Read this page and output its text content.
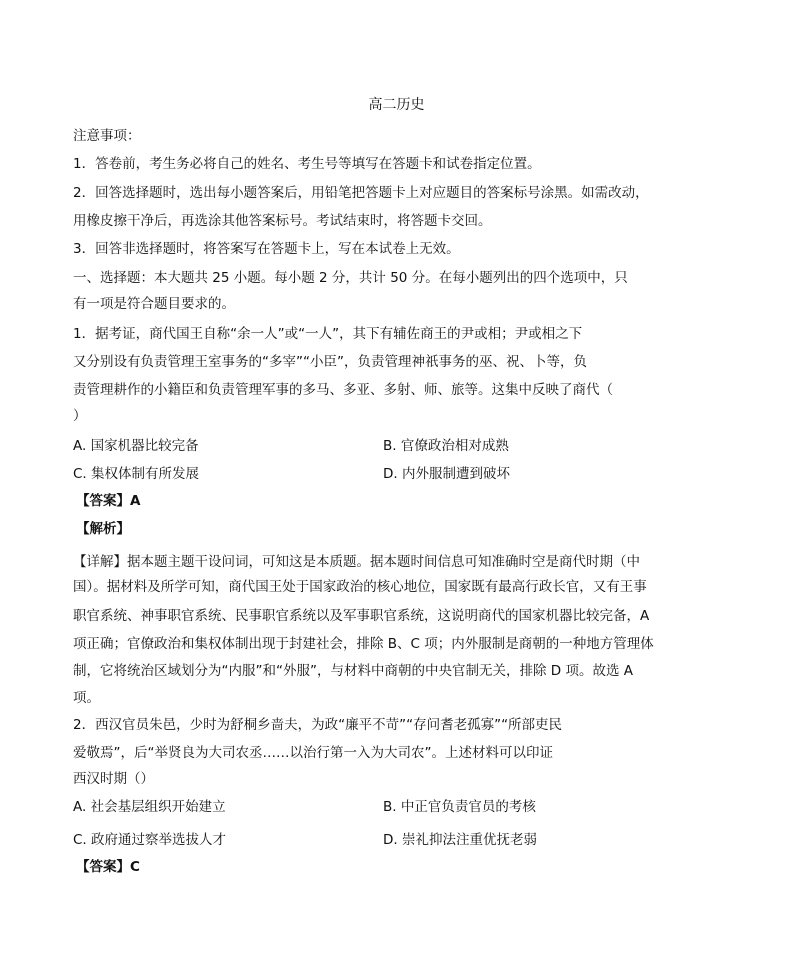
高二历史
注意事项：
1．答卷前，考生务必将自己的姓名、考生号等填写在答题卡和试卷指定位置。
2．回答选择题时，选出每小题答案后，用铅笔把答题卡上对应题目的答案标号涂黑。如需改动，
用橡皮擦干净后，再选涂其他答案标号。考试结束时，将答题卡交回。
3．回答非选择题时，将答案写在答题卡上，写在本试卷上无效。
一、选择题：本大题共 25 小题。每小题 2 分，共计 50 分。在每小题列出的四个选项中，只
有一项是符合题目要求的。
1．据考证，商代国王自称“余一人”或“一人”，其下有辅佐商王的尹或相；尹或相之下
又分别设有负责管理王室事务的“多宰”“小臣”，负责管理神祇事务的巫、祝、卜等，负
责管理耕作的小籍臣和负责管理军事的多马、多亚、多射、师、旅等。这集中反映了商代（
）
A. 国家机器比较完备	B. 官僚政治相对成熟
C. 集权体制有所发展	D. 内外服制遭到破坏
【答案】A
【解析】
【详解】据本题主题干设问词，可知这是本质题。据本题时间信息可知准确时空是商代时期（中
国）。据材料及所学可知，商代国王处于国家政治的核心地位，国家既有最高行政长官，又有王事
职官系统、神事职官系统、民事职官系统以及军事职官系统，这说明商代的国家机器比较完备，A
项正确；官僚政治和集权体制出现于封建社会，排除 B、C 项；内外服制是商朝的一种地方管理体
制，它将统治区域划分为“内服”和“外服”，与材料中商朝的中央官制无关，排除 D 项。故选 A
项。
2．西汉官员朱邑，少时为舒桐乡啬夫，为政“廉平不苛”“存问耆老孤寡”“所部吏民
爱敬焉”，后“举贤良为大司农丞……以治行第一入为大司农”。上述材料可以印证
西汉时期（）
A. 社会基层组织开始建立	B. 中正官负责官员的考核
C. 政府通过察举选拔人才	D. 崇礼抑法注重优抚老弱
【答案】C
